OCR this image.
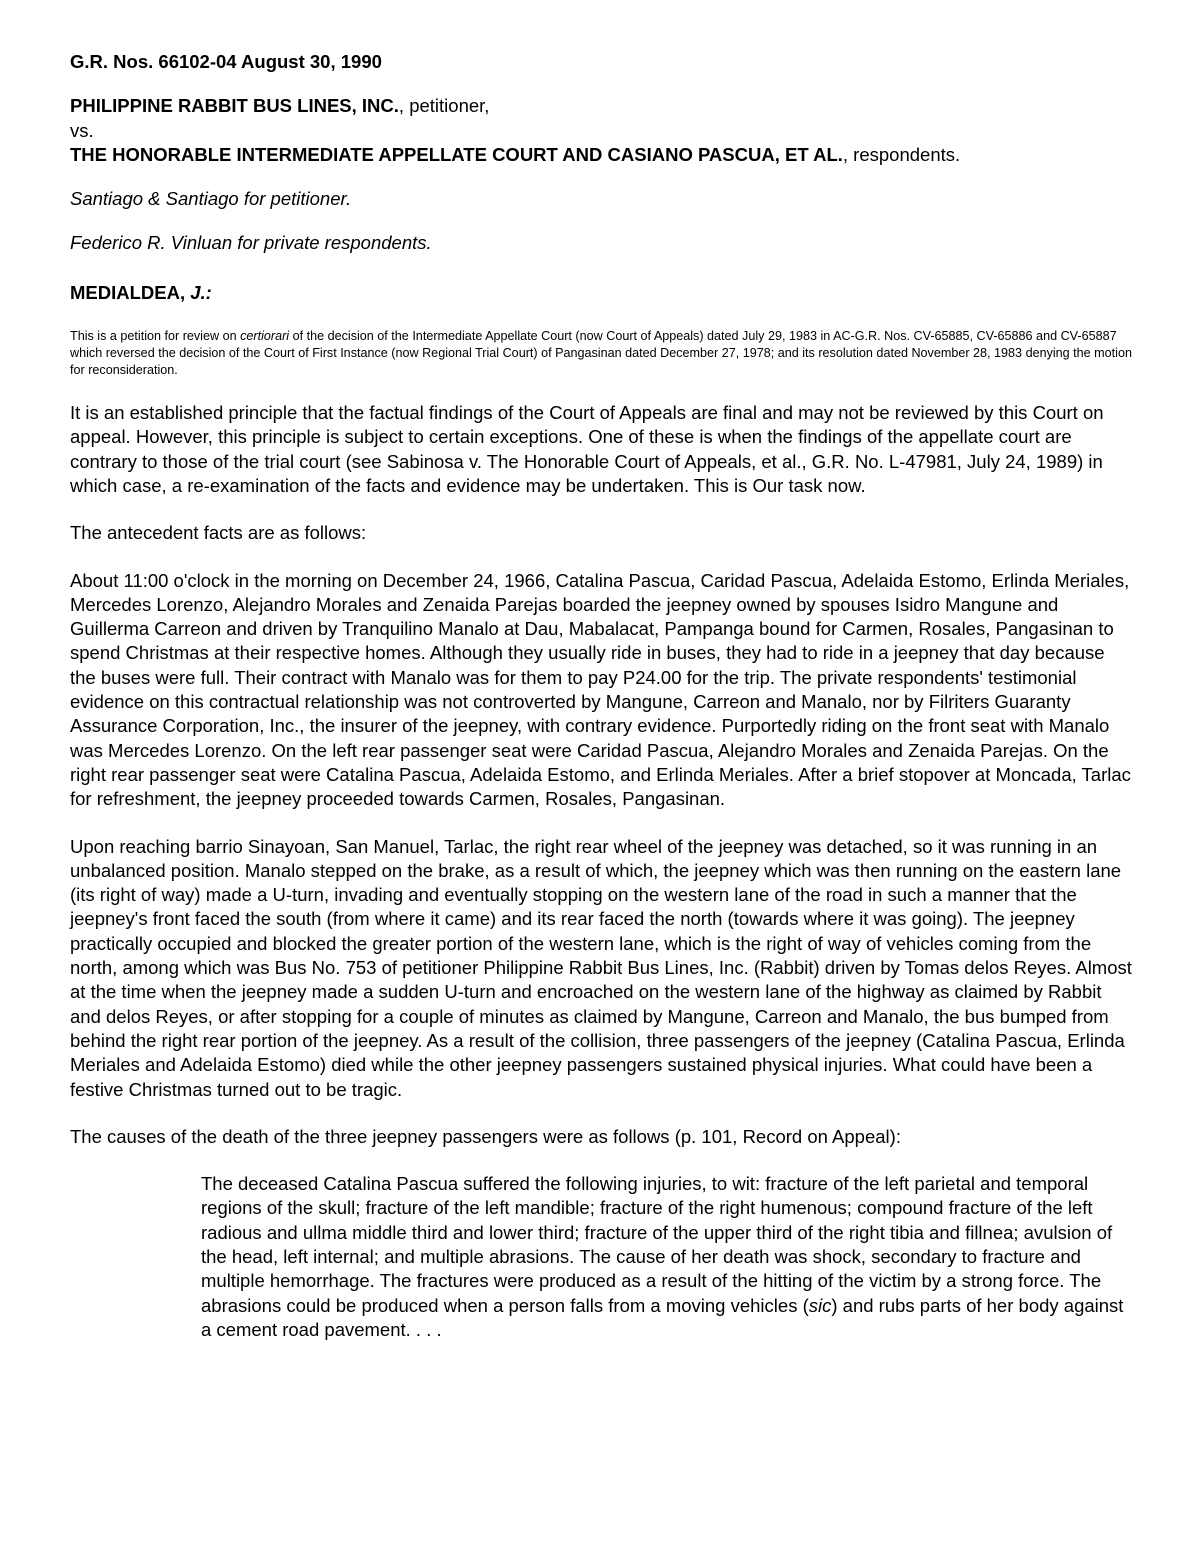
G.R. Nos. 66102-04 August 30, 1990

PHILIPPINE RABBIT BUS LINES, INC., petitioner,

vs.

THE HONORABLE INTERMEDIATE APPELLATE COURT AND CASIANO PASCUA, ET AL., respondents.

Santiago & Santiago for petitioner.

Federico R. Vinluan for private respondents.

MEDIALDEA, J.:

This is a petition for review on certiorari of the decision of the Intermediate Appellate Court (now Court of Appeals) dated July 29, 1983 in AC-G.R. Nos. CV-65885, CV-65886 and CV-65887 which reversed the decision of the Court of First Instance (now Regional Trial Court) of Pangasinan dated December 27, 1978; and its resolution dated November 28, 1983 denying the motion for reconsideration.

It is an established principle that the factual findings of the Court of Appeals are final and may not be reviewed by this Court on appeal. However, this principle is subject to certain exceptions. One of these is when the findings of the appellate court are contrary to those of the trial court (see Sabinosa v. The Honorable Court of Appeals, et al., G.R. No. L-47981, July 24, 1989) in which case, a re-examination of the facts and evidence may be undertaken. This is Our task now.

The antecedent facts are as follows:

About 11:00 o'clock in the morning on December 24, 1966, Catalina Pascua, Caridad Pascua, Adelaida Estomo, Erlinda Meriales, Mercedes Lorenzo, Alejandro Morales and Zenaida Parejas boarded the jeepney owned by spouses Isidro Mangune and Guillerma Carreon and driven by Tranquilino Manalo at Dau, Mabalacat, Pampanga bound for Carmen, Rosales, Pangasinan to spend Christmas at their respective homes. Although they usually ride in buses, they had to ride in a jeepney that day because the buses were full. Their contract with Manalo was for them to pay P24.00 for the trip. The private respondents' testimonial evidence on this contractual relationship was not controverted by Mangune, Carreon and Manalo, nor by Filriters Guaranty Assurance Corporation, Inc., the insurer of the jeepney, with contrary evidence. Purportedly riding on the front seat with Manalo was Mercedes Lorenzo. On the left rear passenger seat were Caridad Pascua, Alejandro Morales and Zenaida Parejas. On the right rear passenger seat were Catalina Pascua, Adelaida Estomo, and Erlinda Meriales. After a brief stopover at Moncada, Tarlac for refreshment, the jeepney proceeded towards Carmen, Rosales, Pangasinan.

Upon reaching barrio Sinayoan, San Manuel, Tarlac, the right rear wheel of the jeepney was detached, so it was running in an unbalanced position. Manalo stepped on the brake, as a result of which, the jeepney which was then running on the eastern lane (its right of way) made a U-turn, invading and eventually stopping on the western lane of the road in such a manner that the jeepney's front faced the south (from where it came) and its rear faced the north (towards where it was going). The jeepney practically occupied and blocked the greater portion of the western lane, which is the right of way of vehicles coming from the north, among which was Bus No. 753 of petitioner Philippine Rabbit Bus Lines, Inc. (Rabbit) driven by Tomas delos Reyes. Almost at the time when the jeepney made a sudden U-turn and encroached on the western lane of the highway as claimed by Rabbit and delos Reyes, or after stopping for a couple of minutes as claimed by Mangune, Carreon and Manalo, the bus bumped from behind the right rear portion of the jeepney. As a result of the collision, three passengers of the jeepney (Catalina Pascua, Erlinda Meriales and Adelaida Estomo) died while the other jeepney passengers sustained physical injuries. What could have been a festive Christmas turned out to be tragic.

The causes of the death of the three jeepney passengers were as follows (p. 101, Record on Appeal):

The deceased Catalina Pascua suffered the following injuries, to wit: fracture of the left parietal and temporal regions of the skull; fracture of the left mandible; fracture of the right humenous; compound fracture of the left radious and ullma middle third and lower third; fracture of the upper third of the right tibia and fillnea; avulsion of the head, left internal; and multiple abrasions. The cause of her death was shock, secondary to fracture and multiple hemorrhage. The fractures were produced as a result of the hitting of the victim by a strong force. The abrasions could be produced when a person falls from a moving vehicles (sic) and rubs parts of her body against a cement road pavement. . . .
